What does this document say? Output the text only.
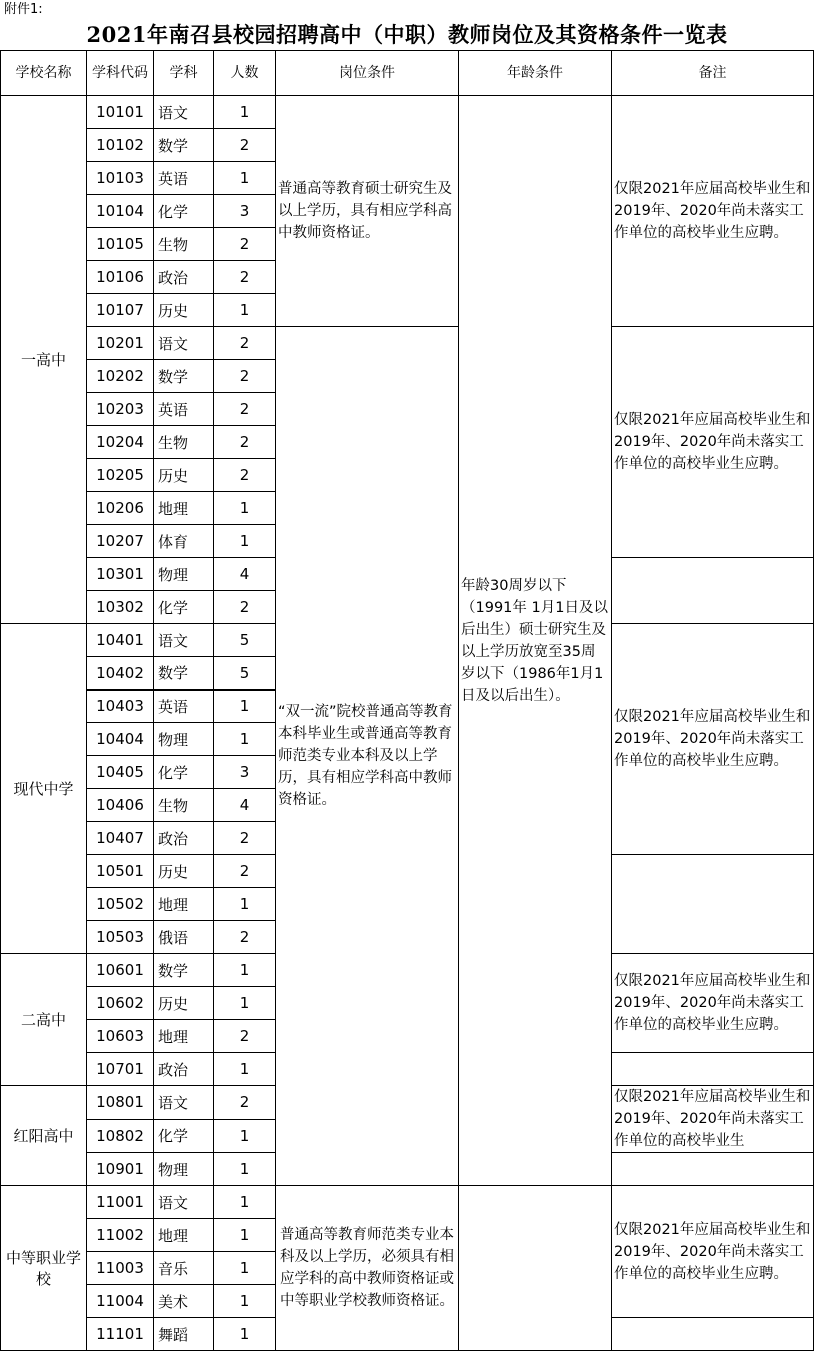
附件1:
2021年南召县校园招聘高中（中职）教师岗位及其资格条件一览表
学校名称	学科代码	学科	人数	岗位条件	年龄条件	备注
一高中	10101	语文	1	普通高等教育硕士研究生及以上学历，具有相应学科高中教师资格证。	年龄30周岁以下（1991年 1月1日及以后出生）硕士研究生及以上学历放宽至35周岁以下（1986年1月1日及以后出生）。	仅限2021年应届高校毕业生和2019年、2020年尚未落实工作单位的高校毕业生应聘。
	10102	数学	2			
	10103	英语	1			
	10104	化学	3			
	10105	生物	2			
	10106	政治	2			
	10107	历史	1			
	10201	语文	2	“双一流”院校普通高等教育本科毕业生或普通高等教育师范类专业本科及以上学历，具有相应学科高中教师资格证。		仅限2021年应届高校毕业生和2019年、2020年尚未落实工作单位的高校毕业生应聘。
	10202	数学	2			
	10203	英语	2			
	10204	生物	2			
	10205	历史	2			
	10206	地理	1			
	10207	体育	1			
	10301	物理	4			
	10302	化学	2			
现代中学	10401	语文	5			仅限2021年应届高校毕业生和2019年、2020年尚未落实工作单位的高校毕业生应聘。
	10402	数学	5			
	10403	英语	1			
	10404	物理	1			
	10405	化学	3			
	10406	生物	4			
	10407	政治	2			
	10501	历史	2			
	10502	地理	1			
	10503	俄语	2			
二高中	10601	数学	1			仅限2021年应届高校毕业生和2019年、2020年尚未落实工作单位的高校毕业生应聘。
	10602	历史	1			
	10603	地理	2			
	10701	政治	1			
红阳高中	10801	语文	2			仅限2021年应届高校毕业生和2019年、2020年尚未落实工作单位的高校毕业生
	10802	化学	1			
	10901	物理	1			
中等职业学校	11001	语文	1	普通高等教育师范类专业本科及以上学历，必须具有相应学科的高中教师资格证或中等职业学校教师资格证。		仅限2021年应届高校毕业生和2019年、2020年尚未落实工作单位的高校毕业生应聘。
	11002	地理	1			
	11003	音乐	1			
	11004	美术	1			
	11101	舞蹈	1			
